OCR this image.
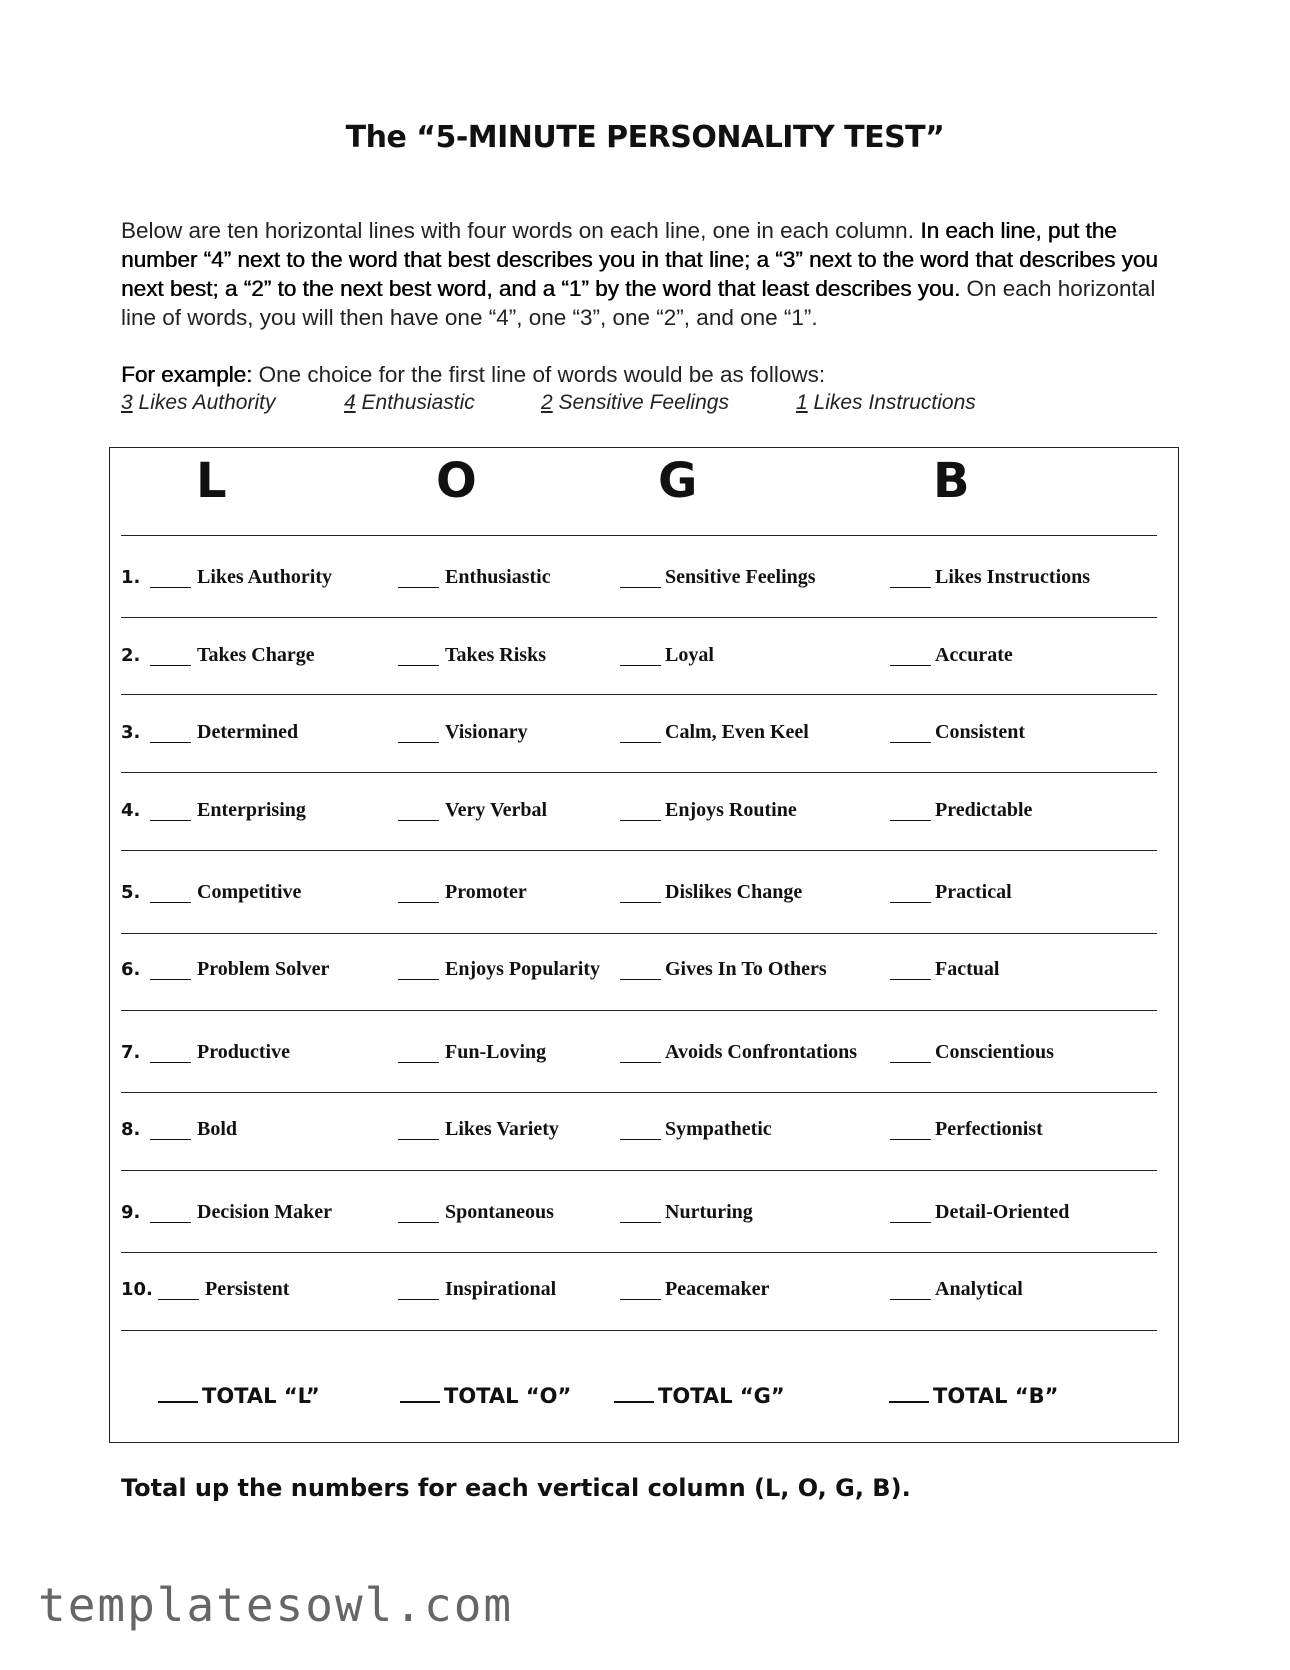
The “5-MINUTE PERSONALITY TEST”
Below are ten horizontal lines with four words on each line, one in each column. In each line, put the number “4” next to the word that best describes you in that line; a “3” next to the word that describes you next best; a “2” to the next best word, and a “1” by the word that least describes you. On each horizontal line of words, you will then have one “4”, one “3”, one “2”, and one “1”.
For example: One choice for the first line of words would be as follows:
3 Likes Authority	4 Enthusiastic	2 Sensitive Feelings	1 Likes Instructions
L	O	G	B
1.	Likes Authority	Enthusiastic	Sensitive Feelings	Likes Instructions
2.	Takes Charge	Takes Risks	Loyal	Accurate
3.	Determined	Visionary	Calm, Even Keel	Consistent
4.	Enterprising	Very Verbal	Enjoys Routine	Predictable
5.	Competitive	Promoter	Dislikes Change	Practical
6.	Problem Solver	Enjoys Popularity	Gives In To Others	Factual
7.	Productive	Fun-Loving	Avoids Confrontations	Conscientious
8.	Bold	Likes Variety	Sympathetic	Perfectionist
9.	Decision Maker	Spontaneous	Nurturing	Detail-Oriented
10.	Persistent	Inspirational	Peacemaker	Analytical
TOTAL “L”	TOTAL “O”	TOTAL “G”	TOTAL “B”
Total up the numbers for each vertical column (L, O, G, B).
templatesowl.com
